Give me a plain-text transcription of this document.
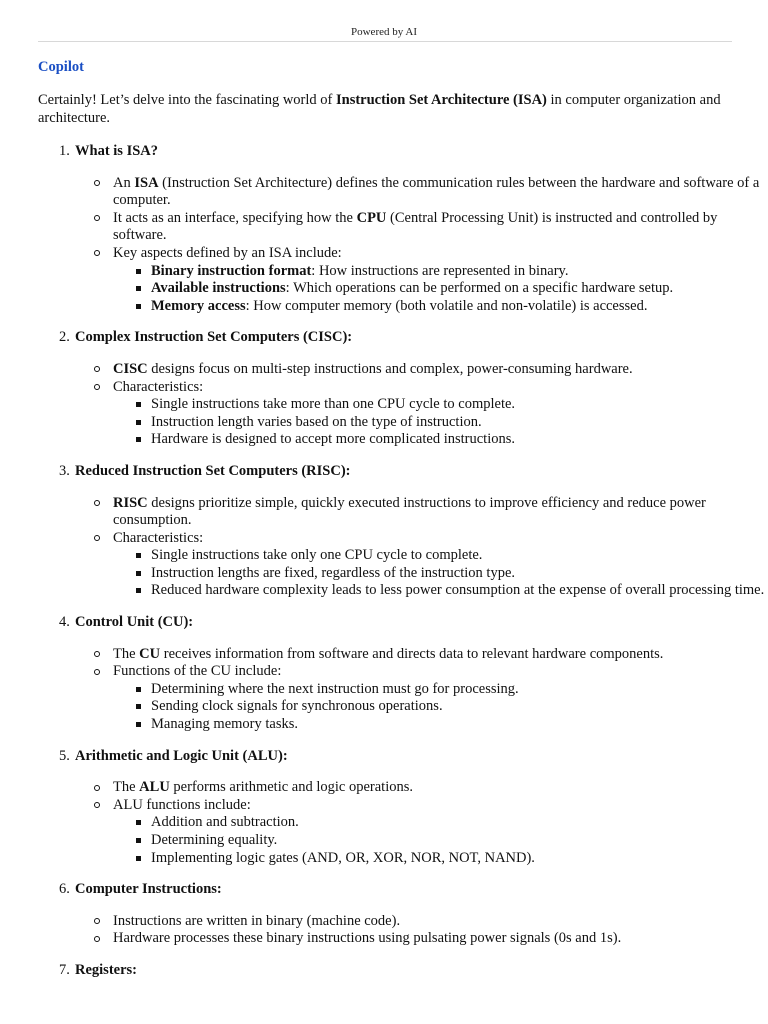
Powered by AI
Copilot

Certainly! Let’s delve into the fascinating world of Instruction Set Architecture (ISA) in computer organization and architecture.

1. What is ISA?
An ISA (Instruction Set Architecture) defines the communication rules between the hardware and software of a computer.
It acts as an interface, specifying how the CPU (Central Processing Unit) is instructed and controlled by software.
Key aspects defined by an ISA include:
Binary instruction format: How instructions are represented in binary.
Available instructions: Which operations can be performed on a specific hardware setup.
Memory access: How computer memory (both volatile and non-volatile) is accessed.
2. Complex Instruction Set Computers (CISC):
CISC designs focus on multi-step instructions and complex, power-consuming hardware.
Characteristics:
Single instructions take more than one CPU cycle to complete.
Instruction length varies based on the type of instruction.
Hardware is designed to accept more complicated instructions.
3. Reduced Instruction Set Computers (RISC):
RISC designs prioritize simple, quickly executed instructions to improve efficiency and reduce power consumption.
Characteristics:
Single instructions take only one CPU cycle to complete.
Instruction lengths are fixed, regardless of the instruction type.
Reduced hardware complexity leads to less power consumption at the expense of overall processing time.
4. Control Unit (CU):
The CU receives information from software and directs data to relevant hardware components.
Functions of the CU include:
Determining where the next instruction must go for processing.
Sending clock signals for synchronous operations.
Managing memory tasks.
5. Arithmetic and Logic Unit (ALU):
The ALU performs arithmetic and logic operations.
ALU functions include:
Addition and subtraction.
Determining equality.
Implementing logic gates (AND, OR, XOR, NOR, NOT, NAND).
6. Computer Instructions:
Instructions are written in binary (machine code).
Hardware processes these binary instructions using pulsating power signals (0s and 1s).
7. Registers:
